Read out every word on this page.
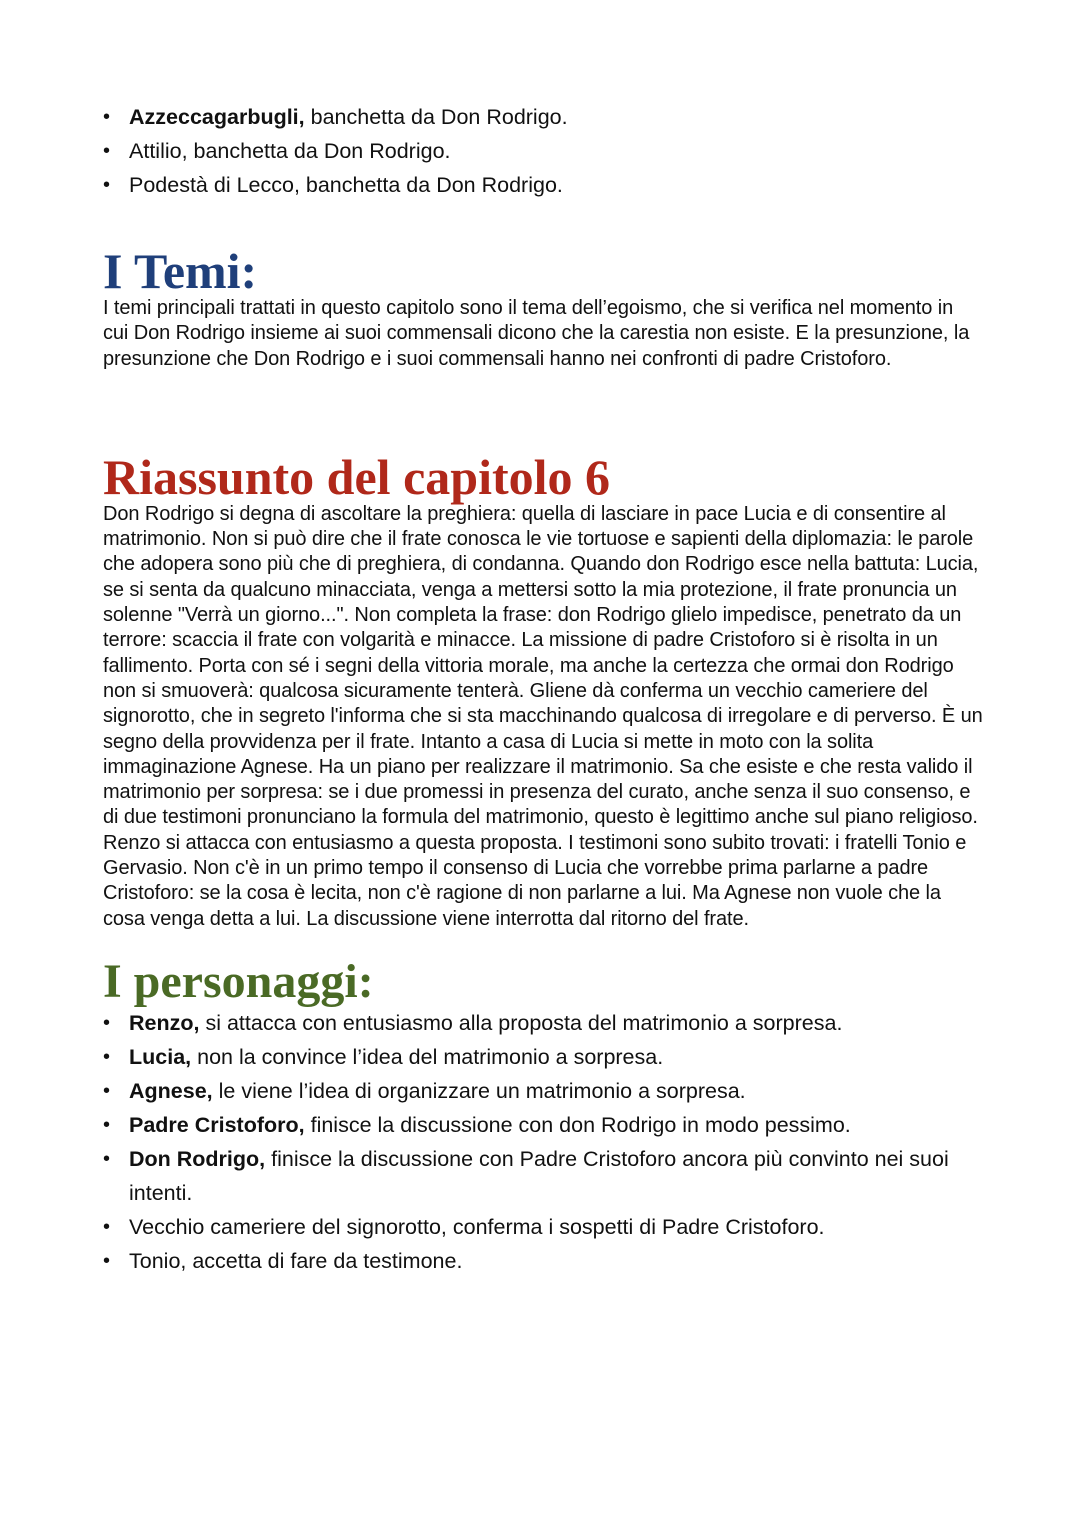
• Azzeccagarbugli, banchetta da Don Rodrigo.
• Attilio, banchetta da Don Rodrigo.
• Podestà di Lecco, banchetta da Don Rodrigo.
I Temi:

I temi principali trattati in questo capitolo sono il tema dell’egoismo, che si verifica nel momento in cui Don Rodrigo insieme ai suoi commensali dicono che la carestia non esiste. E la presunzione, la presunzione che Don Rodrigo e i suoi commensali hanno nei confronti di padre Cristoforo.

Riassunto del capitolo 6

Don Rodrigo si degna di ascoltare la preghiera: quella di lasciare in pace Lucia e di consentire al matrimonio. Non si può dire che il frate conosca le vie tortuose e sapienti della diplomazia: le parole che adopera sono più che di preghiera, di condanna. Quando don Rodrigo esce nella battuta: Lucia, se si senta da qualcuno minacciata, venga a mettersi sotto la mia protezione, il frate pronuncia un solenne "Verrà un giorno...". Non completa la frase: don Rodrigo glielo impedisce, penetrato da un terrore: scaccia il frate con volgarità e minacce. La missione di padre Cristoforo si è risolta in un fallimento. Porta con sé i segni della vittoria morale, ma anche la certezza che ormai don Rodrigo non si smuoverà: qualcosa sicuramente tenterà. Gliene dà conferma un vecchio cameriere del signorotto, che in segreto l'informa che si sta macchinando qualcosa di irregolare e di perverso. È un segno della provvidenza per il frate. Intanto a casa di Lucia si mette in moto con la solita immaginazione Agnese. Ha un piano per realizzare il matrimonio. Sa che esiste e che resta valido il matrimonio per sorpresa: se i due promessi in presenza del curato, anche senza il suo consenso, e di due testimoni pronunciano la formula del matrimonio, questo è legittimo anche sul piano religioso. Renzo si attacca con entusiasmo a questa proposta. I testimoni sono subito trovati: i fratelli Tonio e Gervasio. Non c'è in un primo tempo il consenso di Lucia che vorrebbe prima parlarne a padre Cristoforo: se la cosa è lecita, non c'è ragione di non parlarne a lui. Ma Agnese non vuole che la cosa venga detta a lui. La discussione viene interrotta dal ritorno del frate.

I personaggi:
• Renzo, si attacca con entusiasmo alla proposta del matrimonio a sorpresa.
• Lucia, non la convince l’idea del matrimonio a sorpresa.
• Agnese, le viene l’idea di organizzare un matrimonio a sorpresa.
• Padre Cristoforo, finisce la discussione con don Rodrigo in modo pessimo.
• Don Rodrigo, finisce la discussione con Padre Cristoforo ancora più convinto nei suoi intenti.
• Vecchio cameriere del signorotto, conferma i sospetti di Padre Cristoforo.
• Tonio, accetta di fare da testimone.
